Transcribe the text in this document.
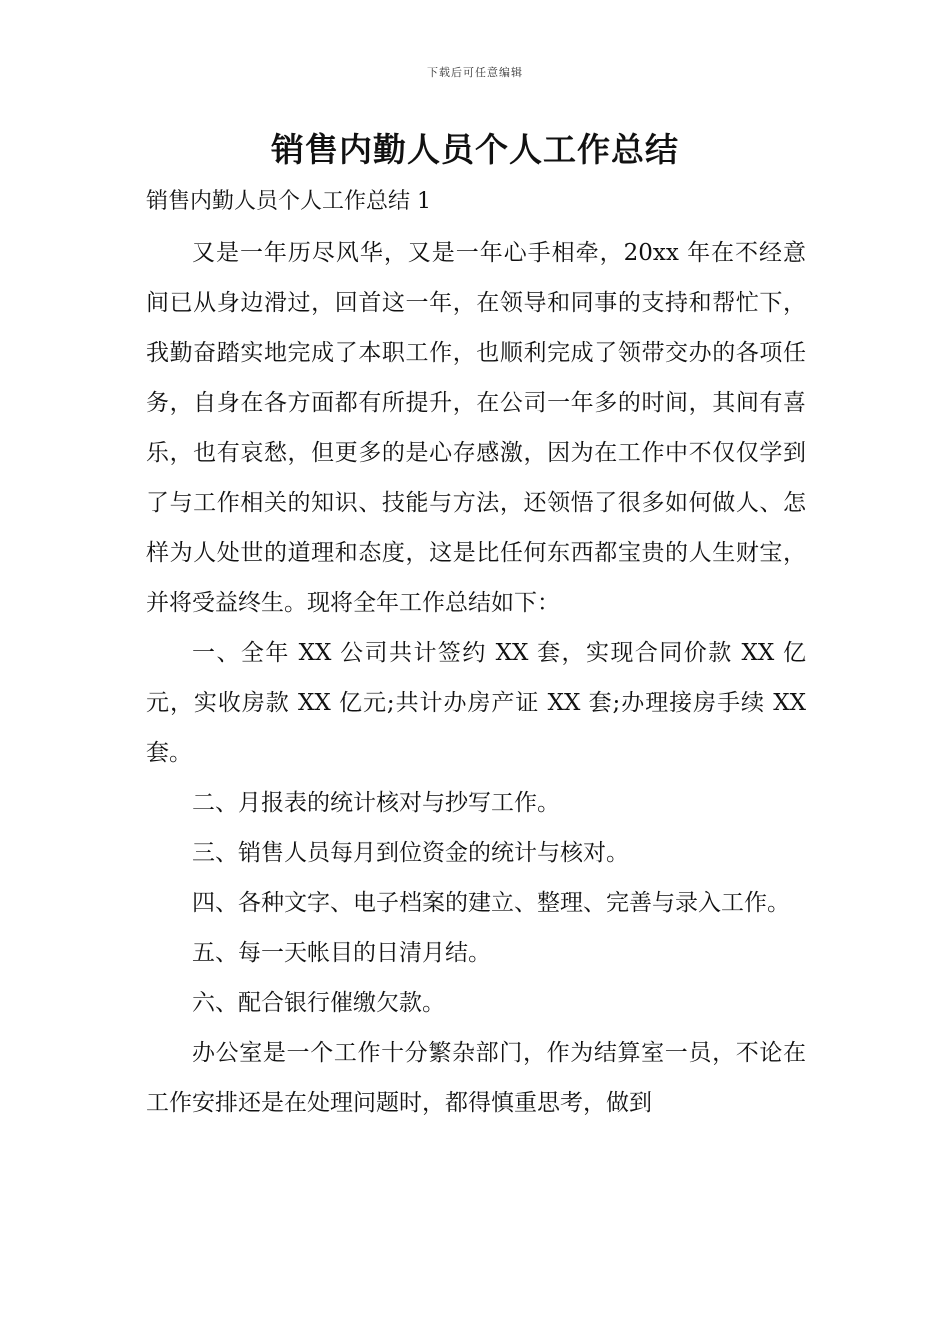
下载后可任意编辑
销售内勤人员个人工作总结

销售内勤人员个人工作总结 1

又是一年历尽风华，又是一年心手相牵，20xx 年在不经意间已从身边滑过，回首这一年，在领导和同事的支持和帮忙下，我勤奋踏实地完成了本职工作，也顺利完成了领带交办的各项任务，自身在各方面都有所提升，在公司一年多的时间，其间有喜乐，也有哀愁，但更多的是心存感激，因为在工作中不仅仅学到了与工作相关的知识、技能与方法，还领悟了很多如何做人、怎样为人处世的道理和态度，这是比任何东西都宝贵的人生财宝，并将受益终生。现将全年工作总结如下：

一、全年 XX 公司共计签约 XX 套，实现合同价款 XX 亿元，实收房款 XX 亿元;共计办房产证 XX 套;办理接房手续 XX 套。

二、月报表的统计核对与抄写工作。

三、销售人员每月到位资金的统计与核对。

四、各种文字、电子档案的建立、整理、完善与录入工作。

五、每一天帐目的日清月结。

六、配合银行催缴欠款。

办公室是一个工作十分繁杂部门，作为结算室一员，不论在工作安排还是在处理问题时，都得慎重思考，做到
